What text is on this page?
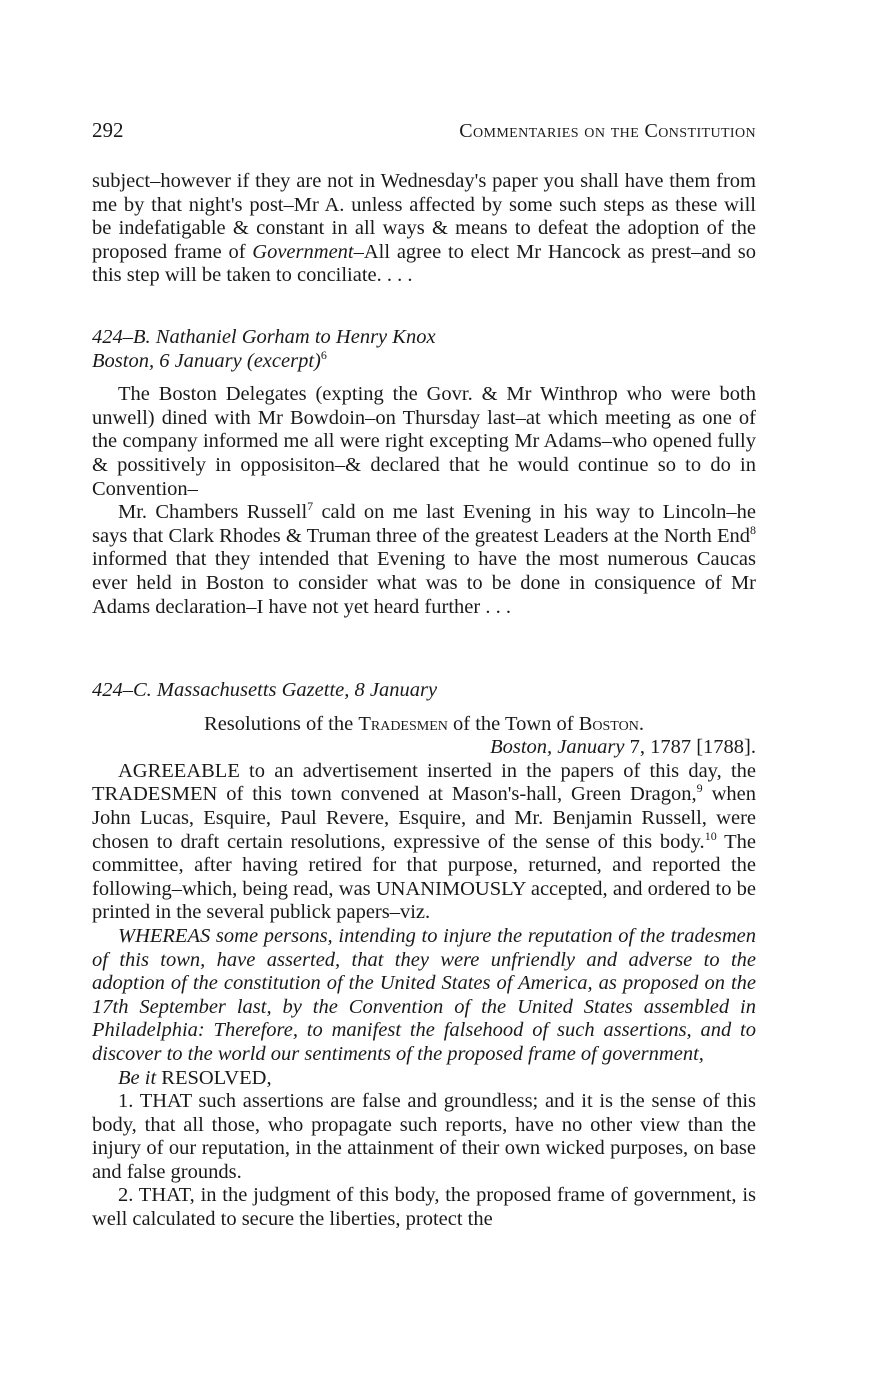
292	Commentaries on the Constitution

subject–however if they are not in Wednesday's paper you shall have them from me by that night's post–Mr A. unless affected by some such steps as these will be indefatigable & constant in all ways & means to defeat the adoption of the proposed frame of Government–All agree to elect Mr Hancock as prest–and so this step will be taken to conciliate. . . .

424–B. Nathaniel Gorham to Henry Knox

Boston, 6 January (excerpt)$^6$

The Boston Delegates (expting the Govr. & Mr Winthrop who were both unwell) dined with Mr Bowdoin–on Thursday last–at which meeting as one of the company informed me all were right excepting Mr Adams–who opened fully & possitively in opposisiton–& declared that he would continue so to do in Convention–

Mr. Chambers Russell$^7$ cald on me last Evening in his way to Lincoln–he says that Clark Rhodes & Truman three of the greatest Leaders at the North End$^8$ informed that they intended that Evening to have the most numerous Caucas ever held in Boston to consider what was to be done in consiquence of Mr Adams declaration–I have not yet heard further . . .

424–C. Massachusetts Gazette, 8 January

Resolutions of the Tradesmen of the Town of Boston.

Boston, January 7, 1787 [1788].

AGREEABLE to an advertisement inserted in the papers of this day, the TRADESMEN of this town convened at Mason's-hall, Green Dragon,$^9$ when John Lucas, Esquire, Paul Revere, Esquire, and Mr. Benjamin Russell, were chosen to draft certain resolutions, expressive of the sense of this body.$^{10}$ The committee, after having retired for that purpose, returned, and reported the following–which, being read, was UNANIMOUSLY accepted, and ordered to be printed in the several publick papers–viz.

WHEREAS some persons, intending to injure the reputation of the tradesmen of this town, have asserted, that they were unfriendly and adverse to the adoption of the constitution of the United States of America, as proposed on the 17th September last, by the Convention of the United States assembled in Philadelphia: Therefore, to manifest the falsehood of such assertions, and to discover to the world our sentiments of the proposed frame of government,

Be it RESOLVED,

1. THAT such assertions are false and groundless; and it is the sense of this body, that all those, who propagate such reports, have no other view than the injury of our reputation, in the attainment of their own wicked purposes, on base and false grounds.

2. THAT, in the judgment of this body, the proposed frame of government, is well calculated to secure the liberties, protect the
